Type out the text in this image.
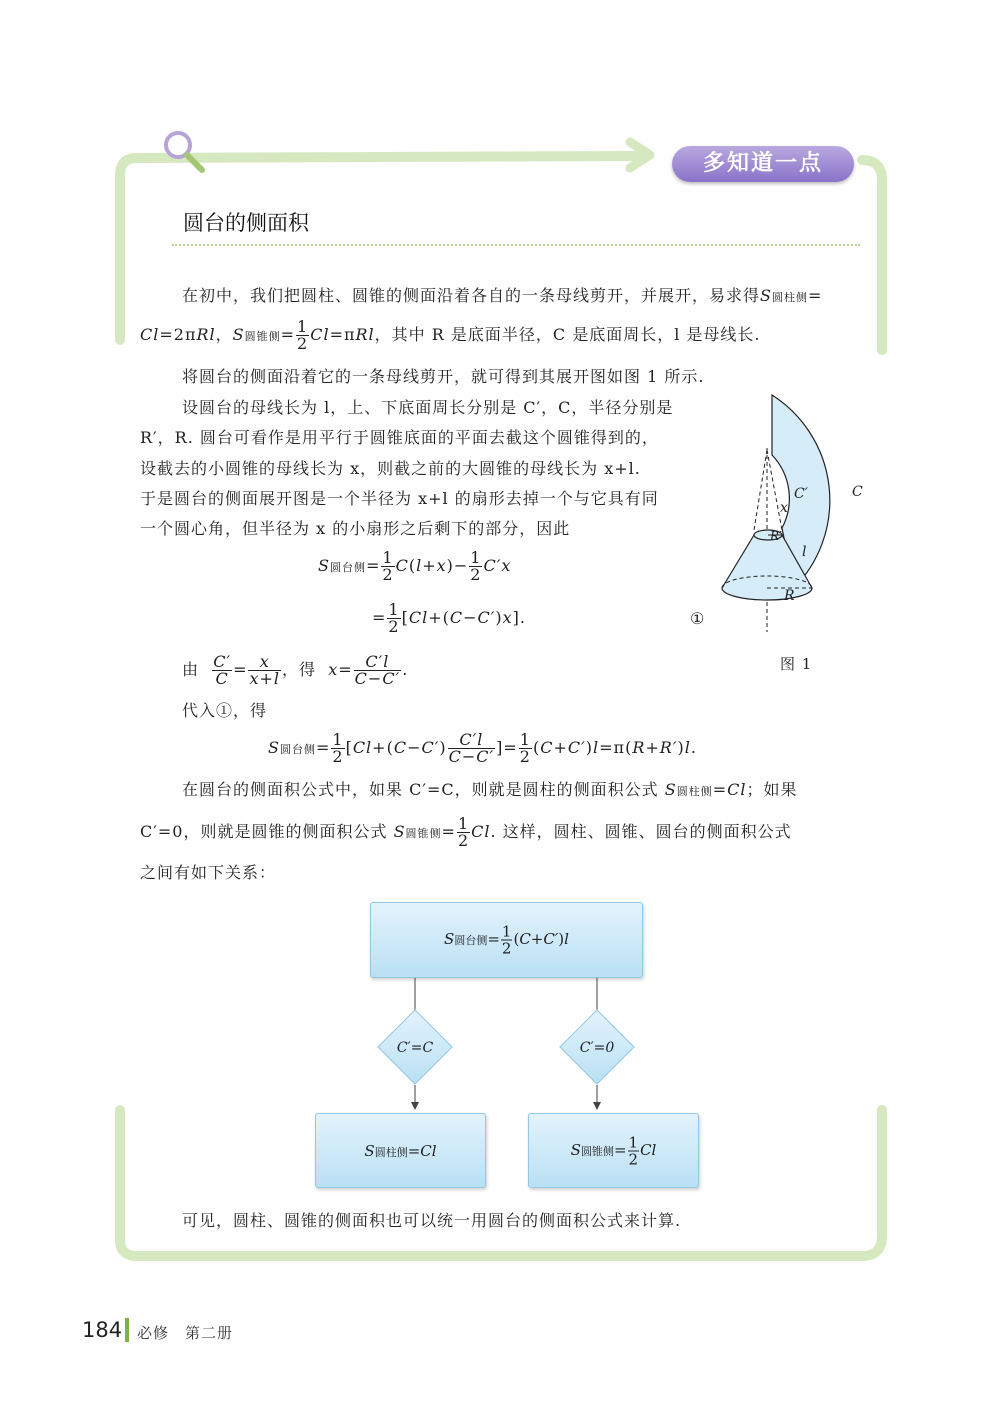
多知道一点
圆台的侧面积
在初中，我们把圆柱、圆锥的侧面沿着各自的一条母线剪开，并展开，易求得S圆柱侧=
Cl=2πRl，S圆锥侧= $\frac{1}{2} Cl=\pi Rl$，其中 R 是底面半径，C 是底面周长，l 是母线长.
将圆台的侧面沿着它的一条母线剪开，就可得到其展开图如图 1 所示.
设圆台的母线长为 l，上、下底面周长分别是 C′，C，半径分别是
R′，R. 圆台可看作是用平行于圆锥底面的平面去截这个圆锥得到的，
设截去的小圆锥的母线长为 x，则截之前的大圆锥的母线长为 x+l.
于是圆台的侧面展开图是一个半径为 x+l 的扇形去掉一个与它具有同
一个圆心角，但半径为 x 的小扇形之后剩下的部分，因此
S圆台侧= $\frac{1}{2} C(l+x)- \frac{1}{2} C'x$
= $\frac{1}{2} [Cl+(C-C')x]$.	①
C
C′
x
R′
l
R
图 1
由 $\frac{C'}{C} = \frac{x}{x+l}$ ，得 $x= \frac{C'l}{C-C'}$ .
代入①，得
S圆台侧= $\frac{1}{2} [Cl+(C-C') \frac{C'l}{C-C'}$ ]= $\frac{1}{2} (C+C')l=\pi(R+R')l$.
在圆台的侧面积公式中，如果 C′=C，则就是圆柱的侧面积公式 S圆柱侧=Cl；如果
C′=0，则就是圆锥的侧面积公式 S圆锥侧= $\frac{1}{2} Cl$. 这样，圆柱、圆锥、圆台的侧面积公式
之间有如下关系：
C′=C	C′=0
S圆台侧= $\frac{1}{2} (C+C')l$
S圆柱侧=Cl	S圆锥侧= $\frac{1}{2}$ Cl
可见，圆柱、圆锥的侧面积也可以统一用圆台的侧面积公式来计算.
184 必修　第二册
